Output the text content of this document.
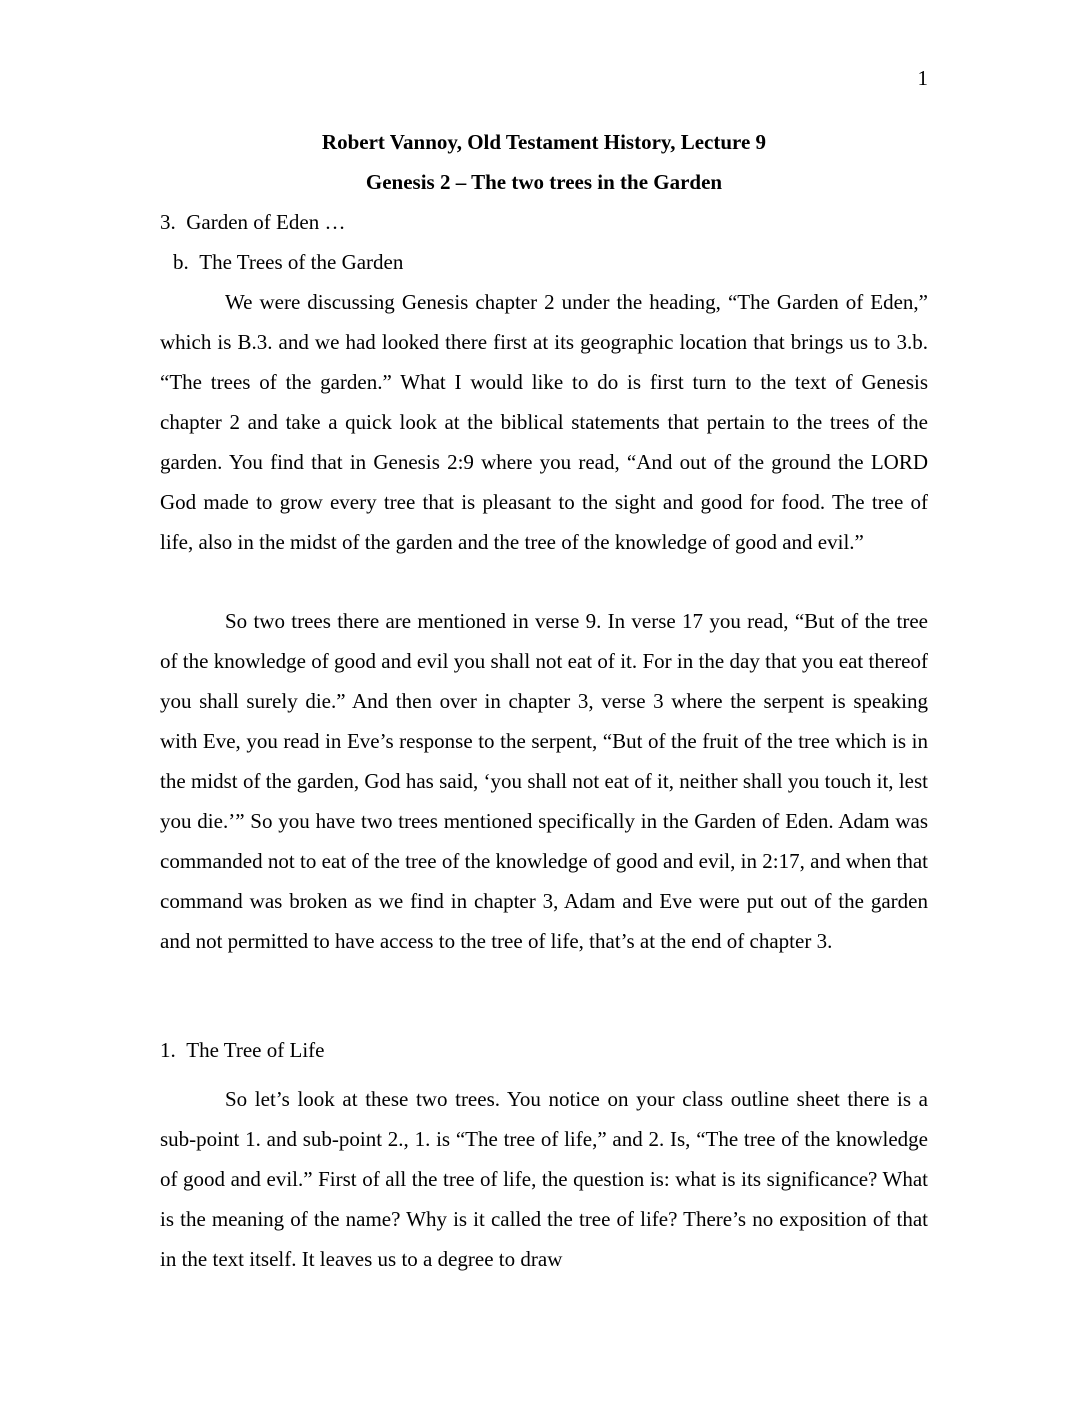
1
Robert Vannoy, Old Testament History, Lecture 9
Genesis 2 – The two trees in the Garden
3.  Garden of Eden …
b.  The Trees of the Garden

We were discussing Genesis chapter 2 under the heading, “The Garden of Eden,” which is B.3. and we had looked there first at its geographic location that brings us to 3.b. “The trees of the garden.” What I would like to do is first turn to the text of Genesis chapter 2 and take a quick look at the biblical statements that pertain to the trees of the garden. You find that in Genesis 2:9 where you read, “And out of the ground the LORD God made to grow every tree that is pleasant to the sight and good for food. The tree of life, also in the midst of the garden and the tree of the knowledge of good and evil.”

So two trees there are mentioned in verse 9. In verse 17 you read, “But of the tree of the knowledge of good and evil you shall not eat of it. For in the day that you eat thereof you shall surely die.” And then over in chapter 3, verse 3 where the serpent is speaking with Eve, you read in Eve’s response to the serpent, “But of the fruit of the tree which is in the midst of the garden, God has said, ‘you shall not eat of it, neither shall you touch it, lest you die.’” So you have two trees mentioned specifically in the Garden of Eden. Adam was commanded not to eat of the tree of the knowledge of good and evil, in 2:17, and when that command was broken as we find in chapter 3, Adam and Eve were put out of the garden and not permitted to have access to the tree of life, that’s at the end of chapter 3.

1.  The Tree of Life

So let’s look at these two trees. You notice on your class outline sheet there is a sub-point 1. and sub-point 2., 1. is “The tree of life,” and 2. Is, “The tree of the knowledge of good and evil.” First of all the tree of life, the question is: what is its significance? What is the meaning of the name? Why is it called the tree of life? There’s no exposition of that in the text itself. It leaves us to a degree to draw
